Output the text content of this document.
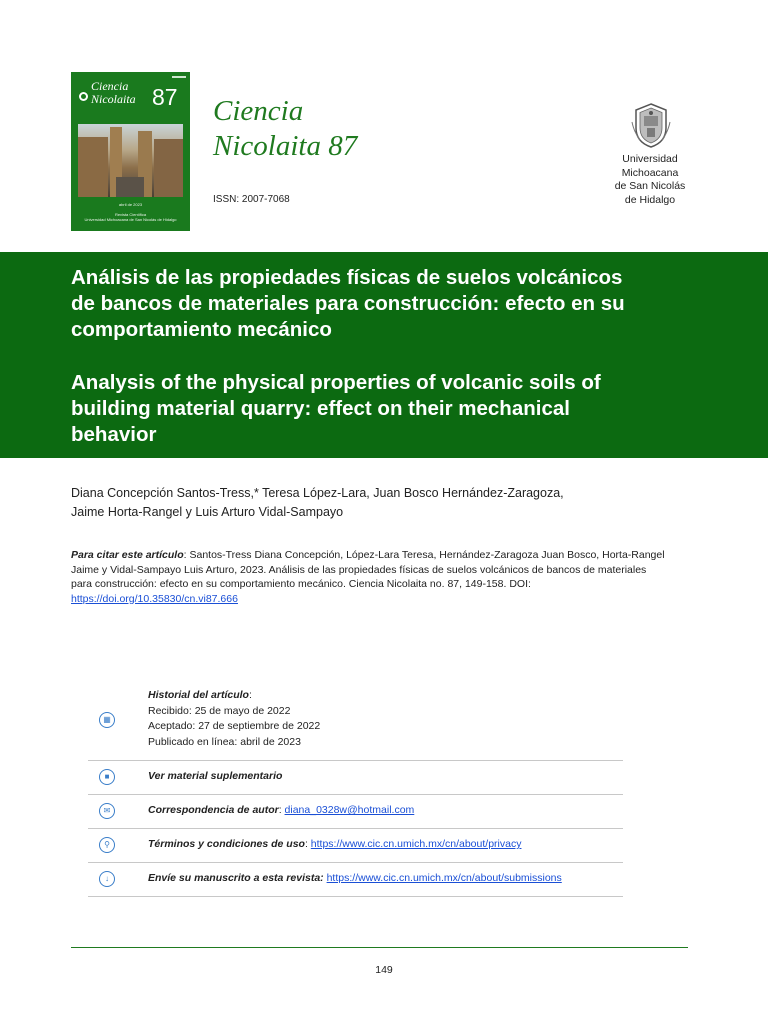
Ciencia
Nicolaita 87
abril de 2023
Revista Científica
Universidad Michoacana de San Nicolás de Hidalgo
Ciencia
Nicolaita 87
ISSN: 2007-7068
Universidad
Michoacana
de San Nicolás
de Hidalgo
Análisis de las propiedades físicas de suelos volcánicos
de bancos de materiales para construcción: efecto en su
comportamiento mecánico
Analysis of the physical properties of volcanic soils of
building material quarry: effect on their mechanical
behavior
Diana Concepción Santos-Tress,* Teresa López-Lara, Juan Bosco Hernández-Zaragoza,
Jaime Horta-Rangel y Luis Arturo Vidal-Sampayo
Para citar este artículo: Santos-Tress Diana Concepción, López-Lara Teresa, Hernández-Zaragoza Juan Bosco, Horta-Rangel
Jaime y Vidal-Sampayo Luis Arturo, 2023. Análisis de las propiedades físicas de suelos volcánicos de bancos de materiales
para construcción: efecto en su comportamiento mecánico. Ciencia Nicolaita no. 87, 149-158. DOI:
https://doi.org/10.35830/cn.vi87.666
▦
Historial del artículo:
Recibido: 25 de mayo de 2022
Aceptado: 27 de septiembre de 2022
Publicado en línea: abril de 2023
■	Ver material suplementario
✉	Correspondencia de autor: diana_0328w@hotmail.com
⚲	Términos y condiciones de uso: https://www.cic.cn.umich.mx/cn/about/privacy
↓	Envíe su manuscrito a esta revista: https://www.cic.cn.umich.mx/cn/about/submissions
149
